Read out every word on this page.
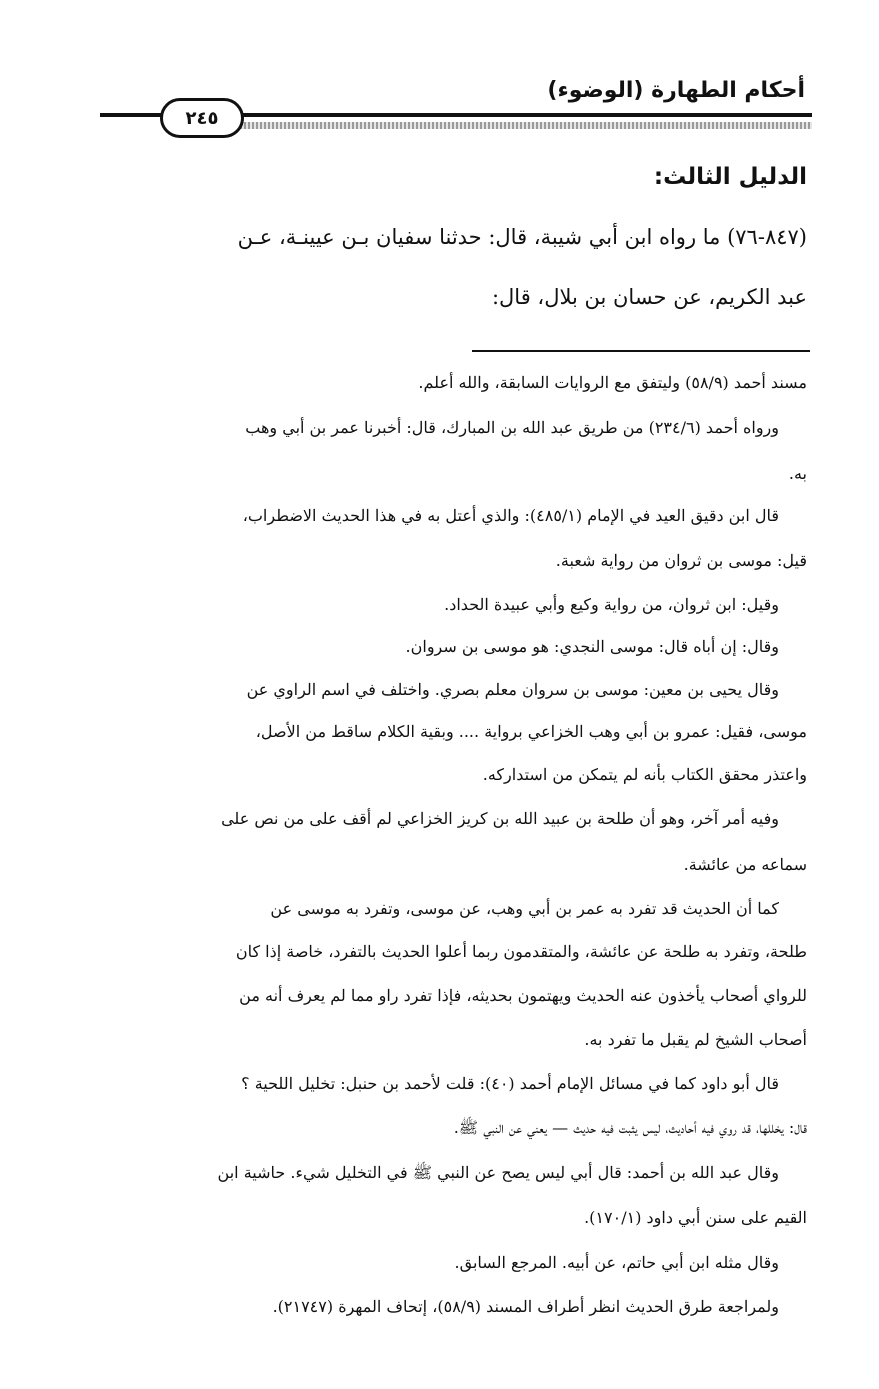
أحكام الطهارة (الوضوء)
٢٤٥
الدليل الثالث:
(٨٤٧-٧٦) ما رواه ابن أبي شيبة، قال: حدثنا سفيان بـن عيينـة، عـن
عبد الكريم، عن حسان بن بلال، قال:
مسند أحمد (٥٨/٩) وليتفق مع الروايات السابقة، والله أعلم.
ورواه أحمد (٢٣٤/٦) من طريق عبد الله بن المبارك، قال: أخبرنا عمر بن أبي وهب
به.
قال ابن دقيق العيد في الإمام (٤٨٥/١): والذي أعتل به في هذا الحديث الاضطراب،
قيل: موسى بن ثروان من رواية شعبة.
وقيل: ابن ثروان، من رواية وكيع وأبي عبيدة الحداد.
وقال: إن أباه قال: موسى النجدي: هو موسى بن سروان.
وقال يحيى بن معين: موسى بن سروان معلم بصري. واختلف في اسم الراوي عن
موسى، فقيل: عمرو بن أبي وهب الخزاعي برواية .... وبقية الكلام ساقط من الأصل،
واعتذر محقق الكتاب بأنه لم يتمكن من استداركه.
وفيه أمر آخر، وهو أن طلحة بن عبيد الله بن كريز الخزاعي لم أقف على من نص على
سماعه من عائشة.
كما أن الحديث قد تفرد به عمر بن أبي وهب، عن موسى، وتفرد به موسى عن
طلحة، وتفرد به طلحة عن عائشة، والمتقدمون ربما أعلوا الحديث بالتفرد، خاصة إذا كان
للرواي أصحاب يأخذون عنه الحديث ويهتمون بحديثه، فإذا تفرد راو مما لم يعرف أنه من
أصحاب الشيخ لم يقبل ما تفرد به.
قال أبو داود كما في مسائل الإمام أحمد (٤٠): قلت لأحمد بن حنبل: تخليل اللحية ؟
قال: يخللها، قد روي فيه أحاديث، ليس يثبت فيه حديث — يعني عن النبي ﷺ.
وقال عبد الله بن أحمد: قال أبي ليس يصح عن النبي ﷺ في التخليل شيء. حاشية ابن
القيم على سنن أبي داود (١٧٠/١).
وقال مثله ابن أبي حاتم، عن أبيه. المرجع السابق.
ولمراجعة طرق الحديث انظر أطراف المسند (٥٨/٩)، إتحاف المهرة (٢١٧٤٧).
